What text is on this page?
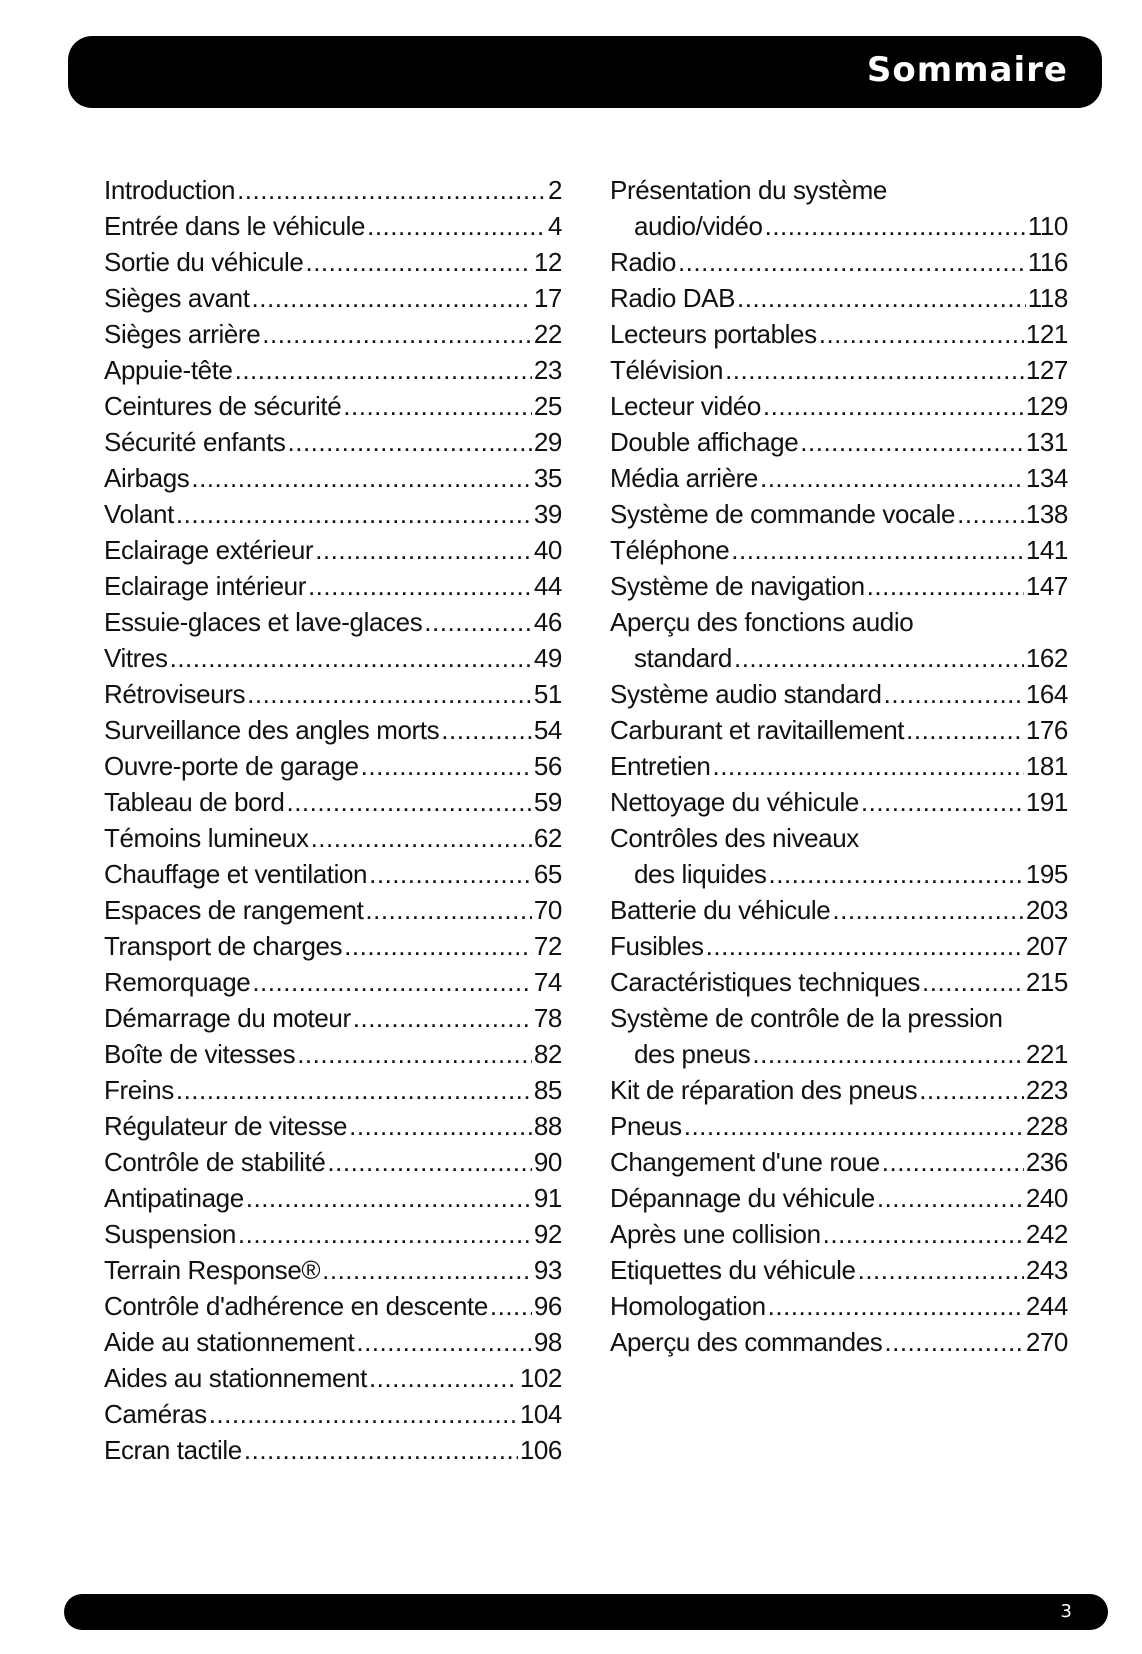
Sommaire
Introduction .....	2
Entrée dans le véhicule .....	4
Sortie du véhicule .....	12
Sièges avant .....	17
Sièges arrière .....	22
Appuie-tête .....	23
Ceintures de sécurité .....	25
Sécurité enfants .....	29
Airbags .....	35
Volant .....	39
Eclairage extérieur .....	40
Eclairage intérieur .....	44
Essuie-glaces et lave-glaces .....	46
Vitres .....	49
Rétroviseurs .....	51
Surveillance des angles morts .....	54
Ouvre-porte de garage .....	56
Tableau de bord .....	59
Témoins lumineux .....	62
Chauffage et ventilation .....	65
Espaces de rangement .....	70
Transport de charges .....	72
Remorquage .....	74
Démarrage du moteur .....	78
Boîte de vitesses .....	82
Freins .....	85
Régulateur de vitesse .....	88
Contrôle de stabilité .....	90
Antipatinage .....	91
Suspension .....	92
Terrain Response® .....	93
Contrôle d'adhérence en descente ..... 96
Aide au stationnement .....	98
Aides au stationnement .....	102
Caméras .....	104
Ecran tactile .....	106
Présentation du système
audio/vidéo .....	110
Radio .....	116
Radio DAB .....	118
Lecteurs portables .....	121
Télévision .....	127
Lecteur vidéo .....	129
Double affichage .....	131
Média arrière .....	134
Système de commande vocale .....	138
Téléphone .....	141
Système de navigation .....	147
Aperçu des fonctions audio
standard .....	162
Système audio standard .....	164
Carburant et ravitaillement .....	176
Entretien .....	181
Nettoyage du véhicule .....	191
Contrôles des niveaux
des liquides .....	195
Batterie du véhicule .....	203
Fusibles .....	207
Caractéristiques techniques .....	215
Système de contrôle de la pression
des pneus .....	221
Kit de réparation des pneus .....	223
Pneus .....	228
Changement d'une roue .....	236
Dépannage du véhicule .....	240
Après une collision .....	242
Etiquettes du véhicule .....	243
Homologation .....	244
Aperçu des commandes .....	270
3
